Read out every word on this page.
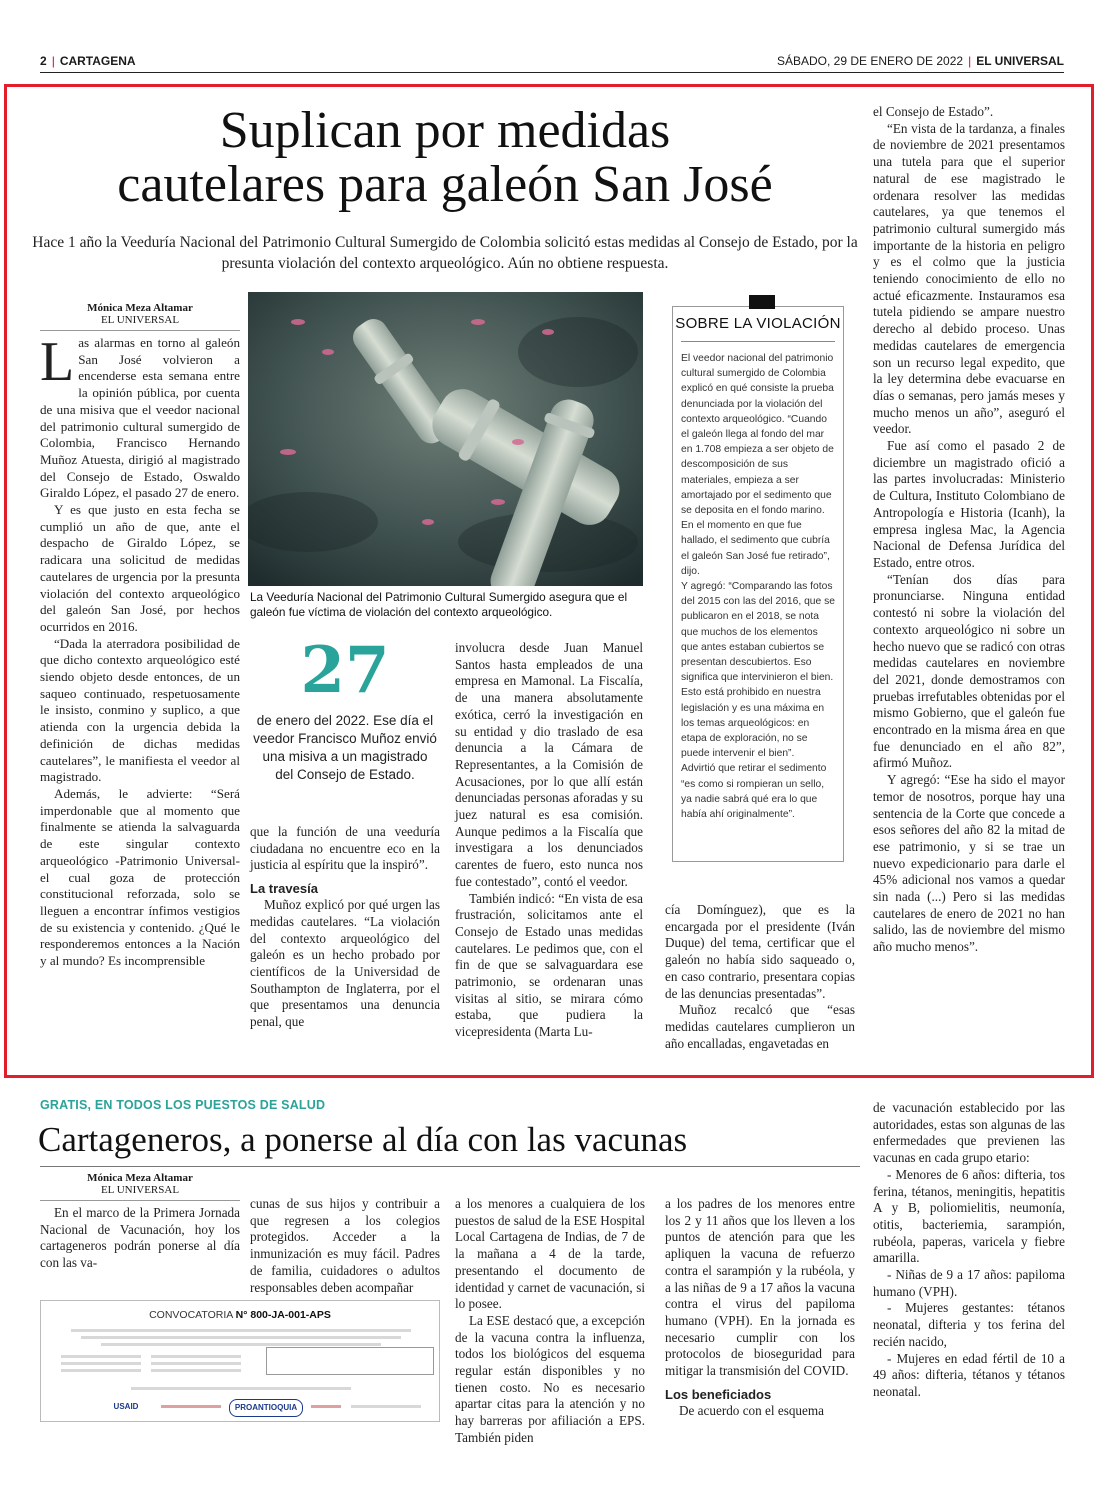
2 | CARTAGENA	SÁBADO, 29 DE ENERO DE 2022 | EL UNIVERSAL
Suplican por medidas
cautelares para galeón San José
Hace 1 año la Veeduría Nacional del Patrimonio Cultural Sumergido de Colombia solicitó estas medidas al Consejo de Estado, por la presunta violación del contexto arqueológico. Aún no obtiene respuesta.
Mónica Meza Altamar
EL UNIVERSAL

Las alarmas en torno al galeón San José volvieron a encenderse esta semana entre la opinión pública, por cuenta de una misiva que el veedor nacional del patrimonio cultural sumergido de Colombia, Francisco Hernando Muñoz Atuesta, dirigió al magistrado del Consejo de Estado, Oswaldo Giraldo López, el pasado 27 de enero.

Y es que justo en esta fecha se cumplió un año de que, ante el despacho de Giraldo López, se radicara una solicitud de medidas cautelares de urgencia por la presunta violación del contexto arqueológico del galeón San José, por hechos ocurridos en 2016.

“Dada la aterradora posibilidad de que dicho contexto arqueológico esté siendo objeto desde entonces, de un saqueo continuado, respetuosamente le insisto, conmino y suplico, a que atienda con la urgencia debida la definición de dichas medidas cautelares”, le manifiesta el veedor al magistrado.

Además, le advierte: “Será imperdonable que al momento que finalmente se atienda la salvaguarda de este singular contexto arqueológico -Patrimonio Universal- el cual goza de protección constitucional reforzada, solo se lleguen a encontrar ínfimos vestigios de su existencia y contenido. ¿Qué le responderemos entonces a la Nación y al mundo? Es incomprensible

La Veeduría Nacional del Patrimonio Cultural Sumergido asegura que el galeón fue víctima de violación del contexto arqueológico.
27
de enero del 2022. Ese día el veedor Francisco Muñoz envió una misiva a un magistrado del Consejo de Estado.

que la función de una veeduría ciudadana no encuentre eco en la justicia al espíritu que la inspiró”.

La travesía

Muñoz explicó por qué urgen las medidas cautelares. “La violación del contexto arqueológico del galeón es un hecho probado por científicos de la Universidad de Southampton de Inglaterra, por el que presentamos una denuncia penal, que

involucra desde Juan Manuel Santos hasta empleados de una empresa en Mamonal. La Fiscalía, de una manera absolutamente exótica, cerró la investigación en su entidad y dio traslado de esa denuncia a la Cámara de Representantes, a la Comisión de Acusaciones, por lo que allí están denunciadas personas aforadas y su juez natural es esa comisión. Aunque pedimos a la Fiscalía que investigara a los denunciados carentes de fuero, esto nunca nos fue contestado”, contó el veedor.

También indicó: “En vista de esa frustración, solicitamos ante el Consejo de Estado unas medidas cautelares. Le pedimos que, con el fin de que se salvaguardara ese patrimonio, se ordenaran unas visitas al sitio, se mirara cómo estaba, que pudiera la vicepresidenta (Marta Lu-

SOBRE LA VIOLACIÓN

El veedor nacional del patrimonio cultural sumergido de Colombia explicó en qué consiste la prueba denunciada por la violación del contexto arqueológico. “Cuando el galeón llega al fondo del mar en 1.708 empieza a ser objeto de descomposición de sus materiales, empieza a ser amortajado por el sedimento que se deposita en el fondo marino. En el momento en que fue hallado, el sedimento que cubría el galeón San José fue retirado”, dijo.

Y agregó: “Comparando las fotos del 2015 con las del 2016, que se publicaron en el 2018, se nota que muchos de los elementos que antes estaban cubiertos se presentan descubiertos. Eso significa que intervinieron el bien. Esto está prohibido en nuestra legislación y es una máxima en los temas arqueológicos: en etapa de exploración, no se puede intervenir el bien”.

Advirtió que retirar el sedimento “es como si rompieran un sello, ya nadie sabrá qué era lo que había ahí originalmente”.

cía Domínguez), que es la encargada por el presidente (Iván Duque) del tema, certificar que el galeón no había sido saqueado o, en caso contrario, presentara copias de las denuncias presentadas”.

Muñoz recalcó que “esas medidas cautelares cumplieron un año encalladas, engavetadas en

el Consejo de Estado”.

“En vista de la tardanza, a finales de noviembre de 2021 presentamos una tutela para que el superior natural de ese magistrado le ordenara resolver las medidas cautelares, ya que tenemos el patrimonio cultural sumergido más importante de la historia en peligro y es el colmo que la justicia teniendo conocimiento de ello no actué eficazmente. Instauramos esa tutela pidiendo se ampare nuestro derecho al debido proceso. Unas medidas cautelares de emergencia son un recurso legal expedito, que la ley determina debe evacuarse en días o semanas, pero jamás meses y mucho menos un año”, aseguró el veedor.

Fue así como el pasado 2 de diciembre un magistrado ofició a las partes involucradas: Ministerio de Cultura, Instituto Colombiano de Antropología e Historia (Icanh), la empresa inglesa Mac, la Agencia Nacional de Defensa Jurídica del Estado, entre otros.

“Tenían dos días para pronunciarse. Ninguna entidad contestó ni sobre la violación del contexto arqueológico ni sobre un hecho nuevo que se radicó con otras medidas cautelares en noviembre del 2021, donde demostramos con pruebas irrefutables obtenidas por el mismo Gobierno, que el galeón fue encontrado en la misma área en que fue denunciado en el año 82”, afirmó Muñoz.

Y agregó: “Ese ha sido el mayor temor de nosotros, porque hay una sentencia de la Corte que concede a esos señores del año 82 la mitad de ese patrimonio, y si se trae un nuevo expedicionario para darle el 45% adicional nos vamos a quedar sin nada (...) Pero si las medidas cautelares de enero de 2021 no han salido, las de noviembre del mismo año mucho menos”.

GRATIS, EN TODOS LOS PUESTOS DE SALUD
Cartageneros, a ponerse al día con las vacunas
Mónica Meza Altamar
EL UNIVERSAL

En el marco de la Primera Jornada Nacional de Vacunación, hoy los cartageneros podrán ponerse al día con las va-

cunas de sus hijos y contribuir a que regresen a los colegios protegidos. Acceder a la inmunización es muy fácil. Padres de familia, cuidadores o adultos responsables deben acompañar

a los menores a cualquiera de los puestos de salud de la ESE Hospital Local Cartagena de Indias, de 7 de la mañana a 4 de la tarde, presentando el documento de identidad y carnet de vacunación, si lo posee.

La ESE destacó que, a excepción de la vacuna contra la influenza, todos los biológicos del esquema regular están disponibles y no tienen costo. No es necesario apartar citas para la atención y no hay barreras por afiliación a EPS. También piden

a los padres de los menores entre los 2 y 11 años que los lleven a los puntos de atención para que les apliquen la vacuna de refuerzo contra el sarampión y la rubéola, y a las niñas de 9 a 17 años la vacuna contra el virus del papiloma humano (VPH). En la jornada es necesario cumplir con los protocolos de bioseguridad para mitigar la transmisión del COVID.

Los beneficiados

De acuerdo con el esquema

de vacunación establecido por las autoridades, estas son algunas de las enfermedades que previenen las vacunas en cada grupo etario:

- Menores de 6 años: difteria, tos ferina, tétanos, meningitis, hepatitis A y B, poliomielitis, neumonía, otitis, bacteriemia, sarampión, rubéola, paperas, varicela y fiebre amarilla.

- Niñas de 9 a 17 años: papiloma humano (VPH).

- Mujeres gestantes: tétanos neonatal, difteria y tos ferina del recién nacido,

- Mujeres en edad fértil de 10 a 49 años: difteria, tétanos y tétanos neonatal.

CONVOCATORIA N° 800-JA-001-APS
USAID	PROANTIOQUIA
